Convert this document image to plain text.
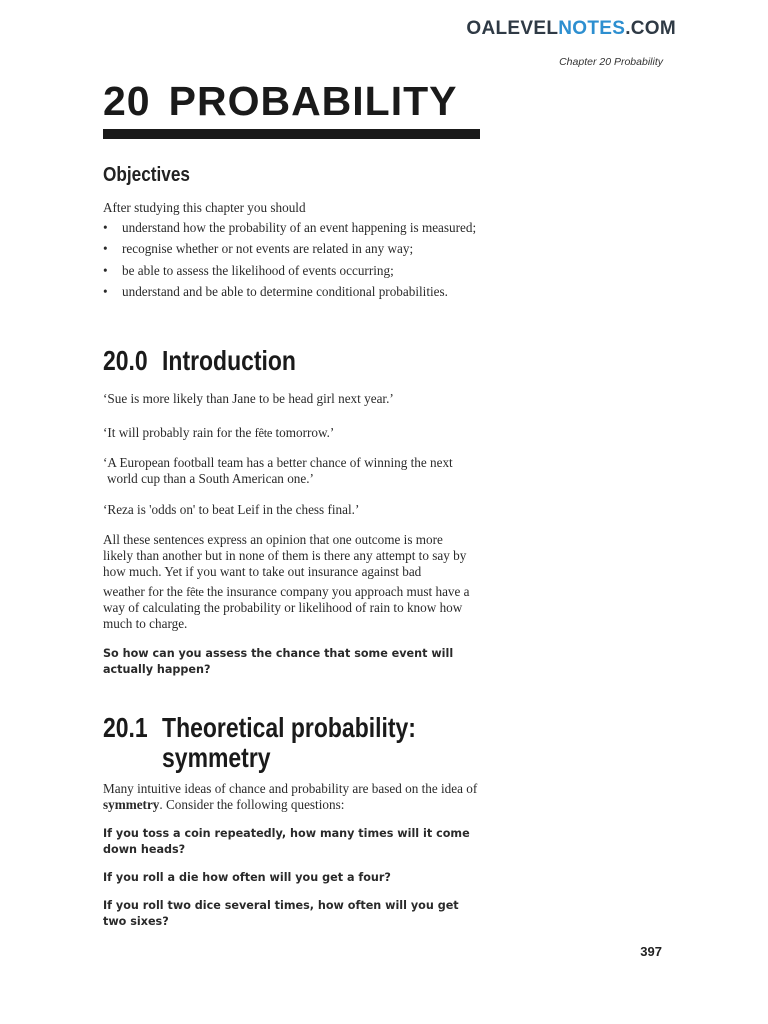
OALEVELNOTES.COM
Chapter 20 Probability
20 PROBABILITY
Objectives

After studying this chapter you should

• understand how the probability of an event happening is measured;
• recognise whether or not events are related in any way;
• be able to assess the likelihood of events occurring;
• understand and be able to determine conditional probabilities.
20.0 Introduction

‘Sue is more likely than Jane to be head girl next year.’

‘It will probably rain for the fête tomorrow.’

‘A European football team has a better chance of winning the next

world cup than a South American one.’

‘Reza is 'odds on' to beat Leif in the chess final.’

All these sentences express an opinion that one outcome is more likely than another but in none of them is there any attempt to say by how much. Yet if you want to take out insurance against bad

weather for the fête the insurance company you approach must have a way of calculating the probability or likelihood of rain to know how much to charge.

So how can you assess the chance that some event will actually happen?

20.1 Theoretical probability:
symmetry

Many intuitive ideas of chance and probability are based on the idea of symmetry. Consider the following questions:

If you toss a coin repeatedly, how many times will it come down heads?

If you roll a die how often will you get a four?

If you roll two dice several times, how often will you get two sixes?

397
